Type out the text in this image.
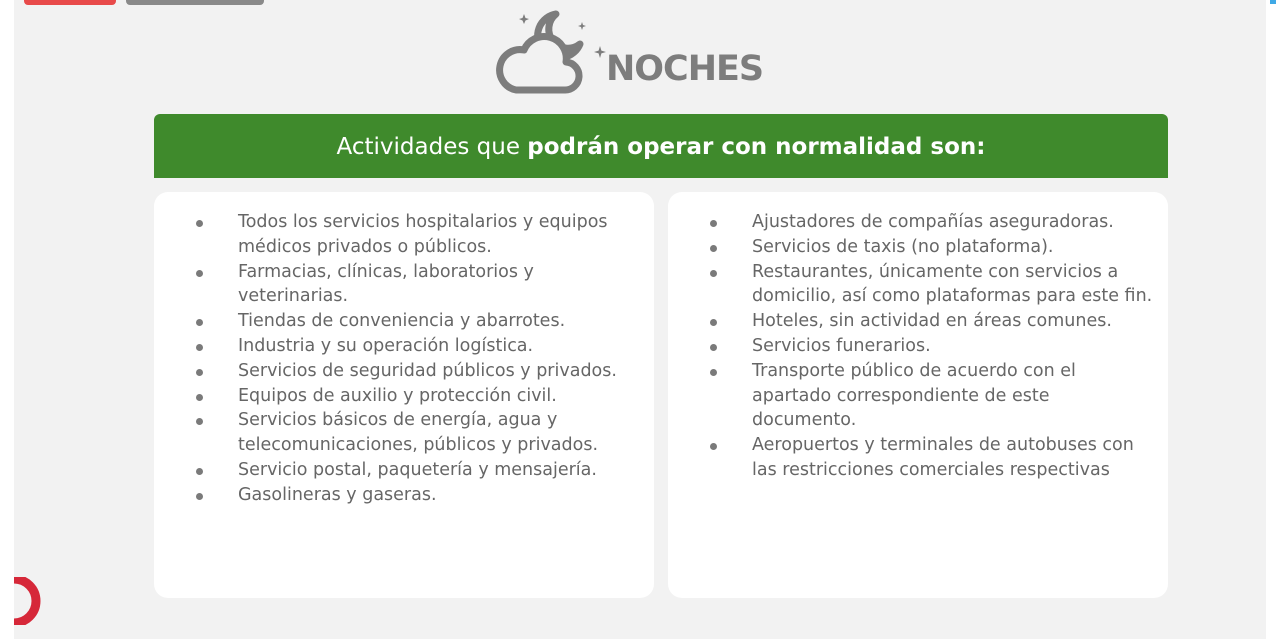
NOCHES
Actividades que podrán operar con normalidad son:
Todos los servicios hospitalarios y equipos médicos privados o públicos.
Farmacias, clínicas, laboratorios y veterinarias.
Tiendas de conveniencia y abarrotes.
Industria y su operación logística.
Servicios de seguridad públicos y privados.
Equipos de auxilio y protección civil.
Servicios básicos de energía, agua y telecomunicaciones, públicos y privados.
Servicio postal, paquetería y mensajería.
Gasolineras y gaseras.
Ajustadores de compañías aseguradoras.
Servicios de taxis (no plataforma).
Restaurantes, únicamente con servicios a domicilio, así como plataformas para este fin.
Hoteles, sin actividad en áreas comunes.
Servicios funerarios.
Transporte público de acuerdo con el apartado correspondiente de este documento.
Aeropuertos y terminales de autobuses con las restricciones comerciales respectivas
